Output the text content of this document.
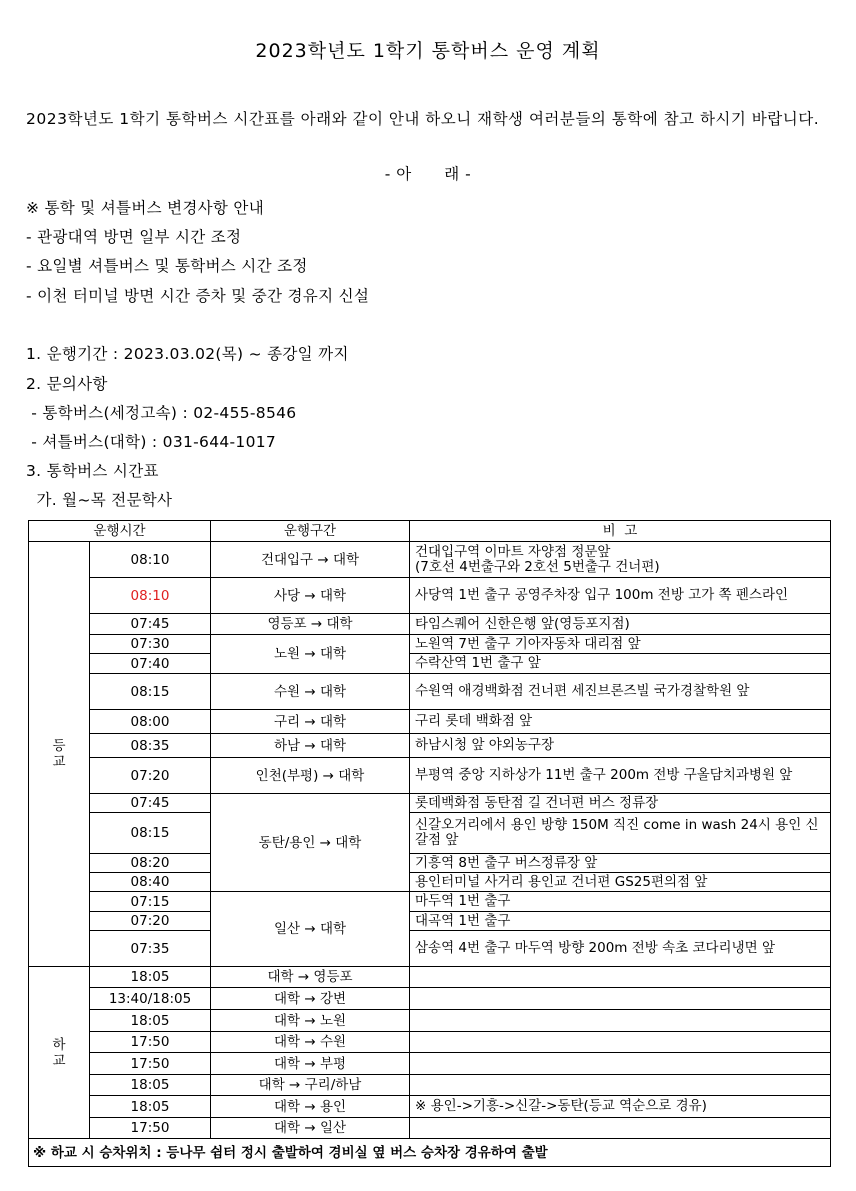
2023학년도 1학기 통학버스 운영 계획
2023학년도 1학기 통학버스 시간표를 아래와 같이 안내 하오니 재학생 여러분들의 통학에 참고 하시기 바랍니다.
- 아      래 -
※ 통학 및 셔틀버스 변경사항 안내
- 관광대역 방면 일부 시간 조정
- 요일별 셔틀버스 및 통학버스 시간 조정
- 이천 터미널 방면 시간 증차 및 중간 경유지 신설
1. 운행기간 : 2023.03.02(목) ~ 종강일 까지
2. 문의사항
- 통학버스(세정고속) : 02-455-8546
- 셔틀버스(대학) : 031-644-1017
3. 통학버스 시간표
가. 월~목 전문학사
운행시간		운행구간	비  고
등
교	08:10	건대입구 → 대학	건대입구역 이마트 자양점 정문앞
(7호선 4번출구와 2호선 5번출구 건너편)
	08:10	사당 → 대학	사당역 1번 출구 공영주차장 입구 100m 전방 고가 쪽 펜스라인
	07:45	영등포 → 대학	타임스퀘어 신한은행 앞(영등포지점)
	07:30	노원 → 대학	노원역 7번 출구 기아자동차 대리점 앞
	07:40		수락산역 1번 출구 앞
	08:15	수원 → 대학	수원역 애경백화점 건너편 세진브론즈빌 국가경찰학원 앞
	08:00	구리 → 대학	구리 롯데 백화점 앞
	08:35	하남 → 대학	하남시청 앞 야외농구장
	07:20	인천(부평) → 대학	부평역 중앙 지하상가 11번 출구 200m 전방 구올담치과병원 앞
	07:45	동탄/용인 → 대학	롯데백화점 동탄점 길 건너편 버스 정류장
	08:15		신갈오거리에서 용인 방향 150M 직진 come in wash 24시 용인 신갈점 앞
	08:20		기흥역 8번 출구 버스정류장 앞
	08:40		용인터미널 사거리 용인교 건너편 GS25편의점 앞
	07:15	일산 → 대학	마두역 1번 출구
	07:20		대곡역 1번 출구
	07:35		삼송역 4번 출구 마두역 방향 200m 전방 속초 코다리냉면 앞
하
교	18:05	대학 → 영등포	
	13:40/18:05	대학 → 강변	
	18:05	대학 → 노원	
	17:50	대학 → 수원	
	17:50	대학 → 부평	
	18:05	대학 → 구리/하남	
	18:05	대학 → 용인	※ 용인->기흥->신갈->동탄(등교 역순으로 경유)
	17:50	대학 → 일산	
※ 하교 시 승차위치 : 등나무 쉼터 정시 출발하여 경비실 옆 버스 승차장 경유하여 출발			
